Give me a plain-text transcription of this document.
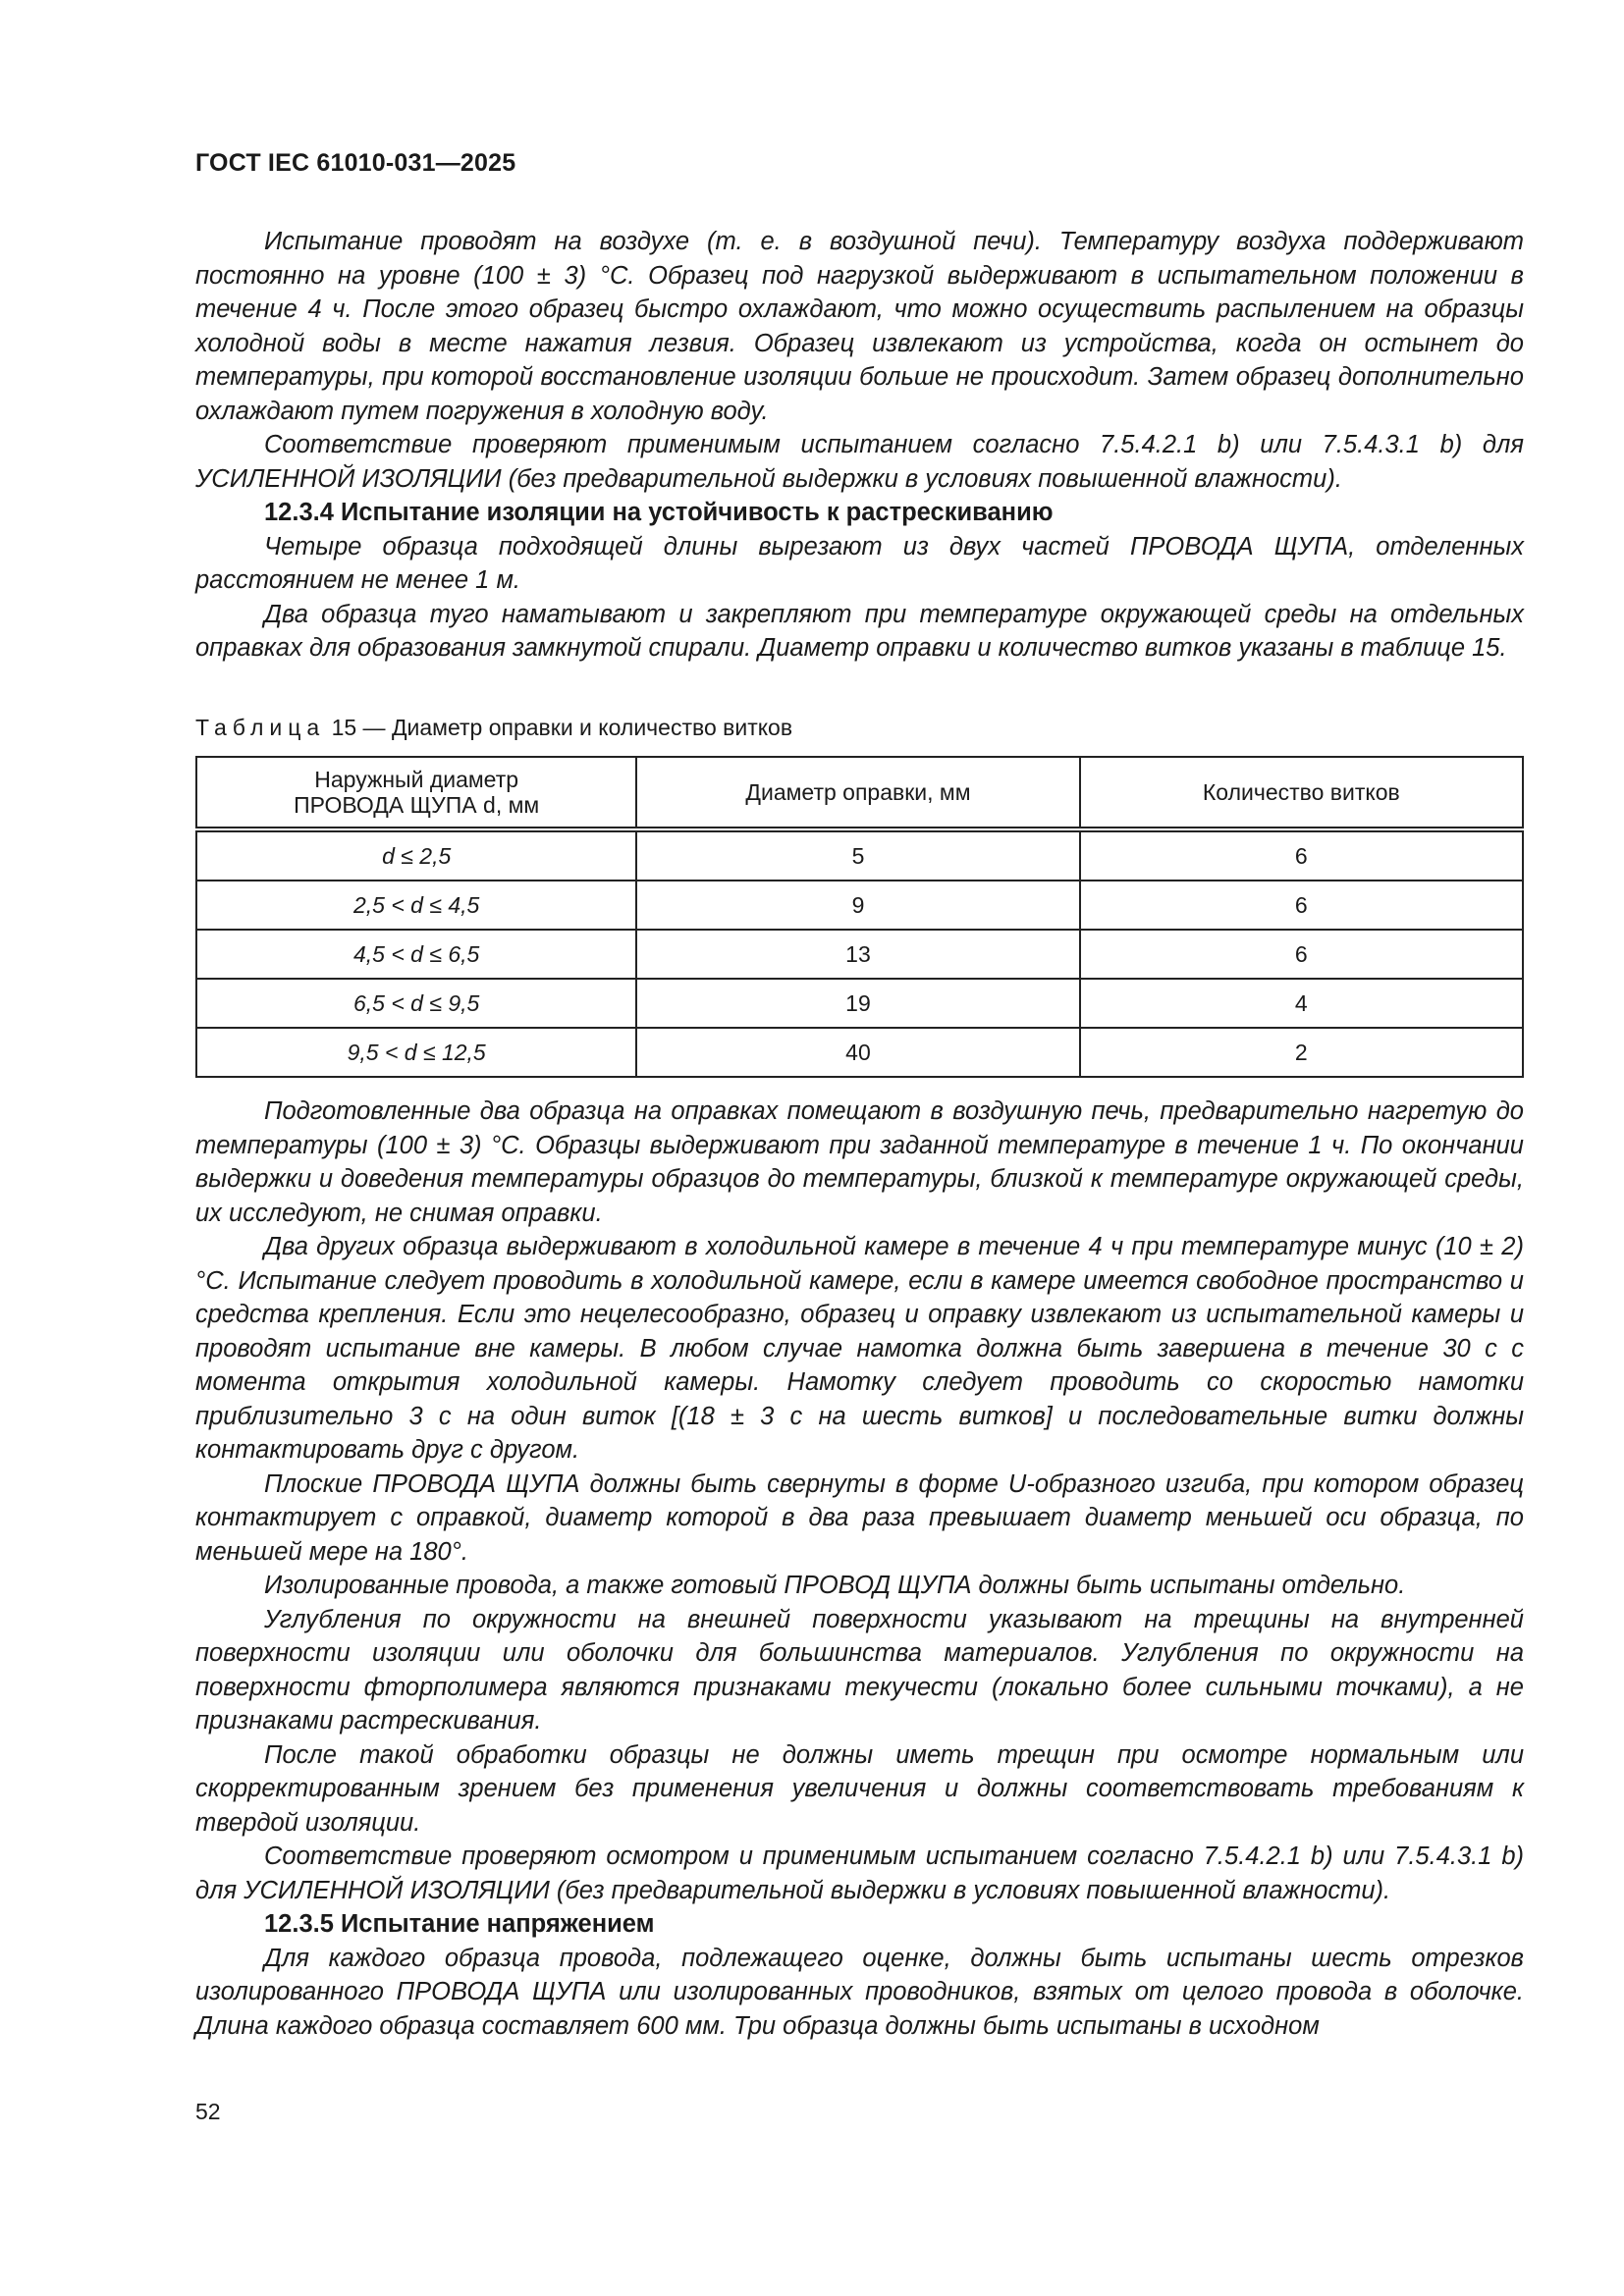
ГОСТ IEC 61010-031—2025

Испытание проводят на воздухе (т. е. в воздушной печи). Температуру воздуха поддерживают постоянно на уровне (100 ± 3) °C. Образец под нагрузкой выдерживают в испытательном положении в течение 4 ч. После этого образец быстро охлаждают, что можно осуществить распылением на образцы холодной воды в месте нажатия лезвия. Образец извлекают из устройства, когда он остынет до температуры, при которой восстановление изоляции больше не происходит. Затем образец дополнительно охлаждают путем погружения в холодную воду.

Соответствие проверяют применимым испытанием согласно 7.5.4.2.1 b) или 7.5.4.3.1 b) для УСИЛЕННОЙ ИЗОЛЯЦИИ (без предварительной выдержки в условиях повышенной влажности).

12.3.4 Испытание изоляции на устойчивость к растрескиванию

Четыре образца подходящей длины вырезают из двух частей ПРОВОДА ЩУПА, отделенных расстоянием не менее 1 м.

Два образца туго наматывают и закрепляют при температуре окружающей среды на отдельных оправках для образования замкнутой спирали. Диаметр оправки и количество витков указаны в таблице 15.

Таблица 15 — Диаметр оправки и количество витков
Наружный диаметр
ПРОВОДА ЩУПА d, мм	Диаметр оправки, мм	Количество витков
d ≤ 2,5	5	6
2,5 < d ≤ 4,5	9	6
4,5 < d ≤ 6,5	13	6
6,5 < d ≤ 9,5	19	4
9,5 < d ≤ 12,5	40	2

Подготовленные два образца на оправках помещают в воздушную печь, предварительно нагретую до температуры (100 ± 3) °C. Образцы выдерживают при заданной температуре в течение 1 ч. По окончании выдержки и доведения температуры образцов до температуры, близкой к температуре окружающей среды, их исследуют, не снимая оправки.

Два других образца выдерживают в холодильной камере в течение 4 ч при температуре минус (10 ± 2) °C. Испытание следует проводить в холодильной камере, если в камере имеется свободное пространство и средства крепления. Если это нецелесообразно, образец и оправку извлекают из испытательной камеры и проводят испытание вне камеры. В любом случае намотка должна быть завершена в течение 30 с с момента открытия холодильной камеры. Намотку следует проводить со скоростью намотки приблизительно 3 с на один виток [(18 ± 3 с на шесть витков] и последовательные витки должны контактировать друг с другом.

Плоские ПРОВОДА ЩУПА должны быть свернуты в форме U-образного изгиба, при котором образец контактирует с оправкой, диаметр которой в два раза превышает диаметр меньшей оси образца, по меньшей мере на 180°.

Изолированные провода, а также готовый ПРОВОД ЩУПА должны быть испытаны отдельно.

Углубления по окружности на внешней поверхности указывают на трещины на внутренней поверхности изоляции или оболочки для большинства материалов. Углубления по окружности на поверхности фторполимера являются признаками текучести (локально более сильными точками), а не признаками растрескивания.

После такой обработки образцы не должны иметь трещин при осмотре нормальным или скорректированным зрением без применения увеличения и должны соответствовать требованиям к твердой изоляции.

Соответствие проверяют осмотром и применимым испытанием согласно 7.5.4.2.1 b) или 7.5.4.3.1 b) для УСИЛЕННОЙ ИЗОЛЯЦИИ (без предварительной выдержки в условиях повышенной влажности).

12.3.5 Испытание напряжением

Для каждого образца провода, подлежащего оценке, должны быть испытаны шесть отрезков изолированного ПРОВОДА ЩУПА или изолированных проводников, взятых от целого провода в оболочке. Длина каждого образца составляет 600 мм. Три образца должны быть испытаны в исходном

52
